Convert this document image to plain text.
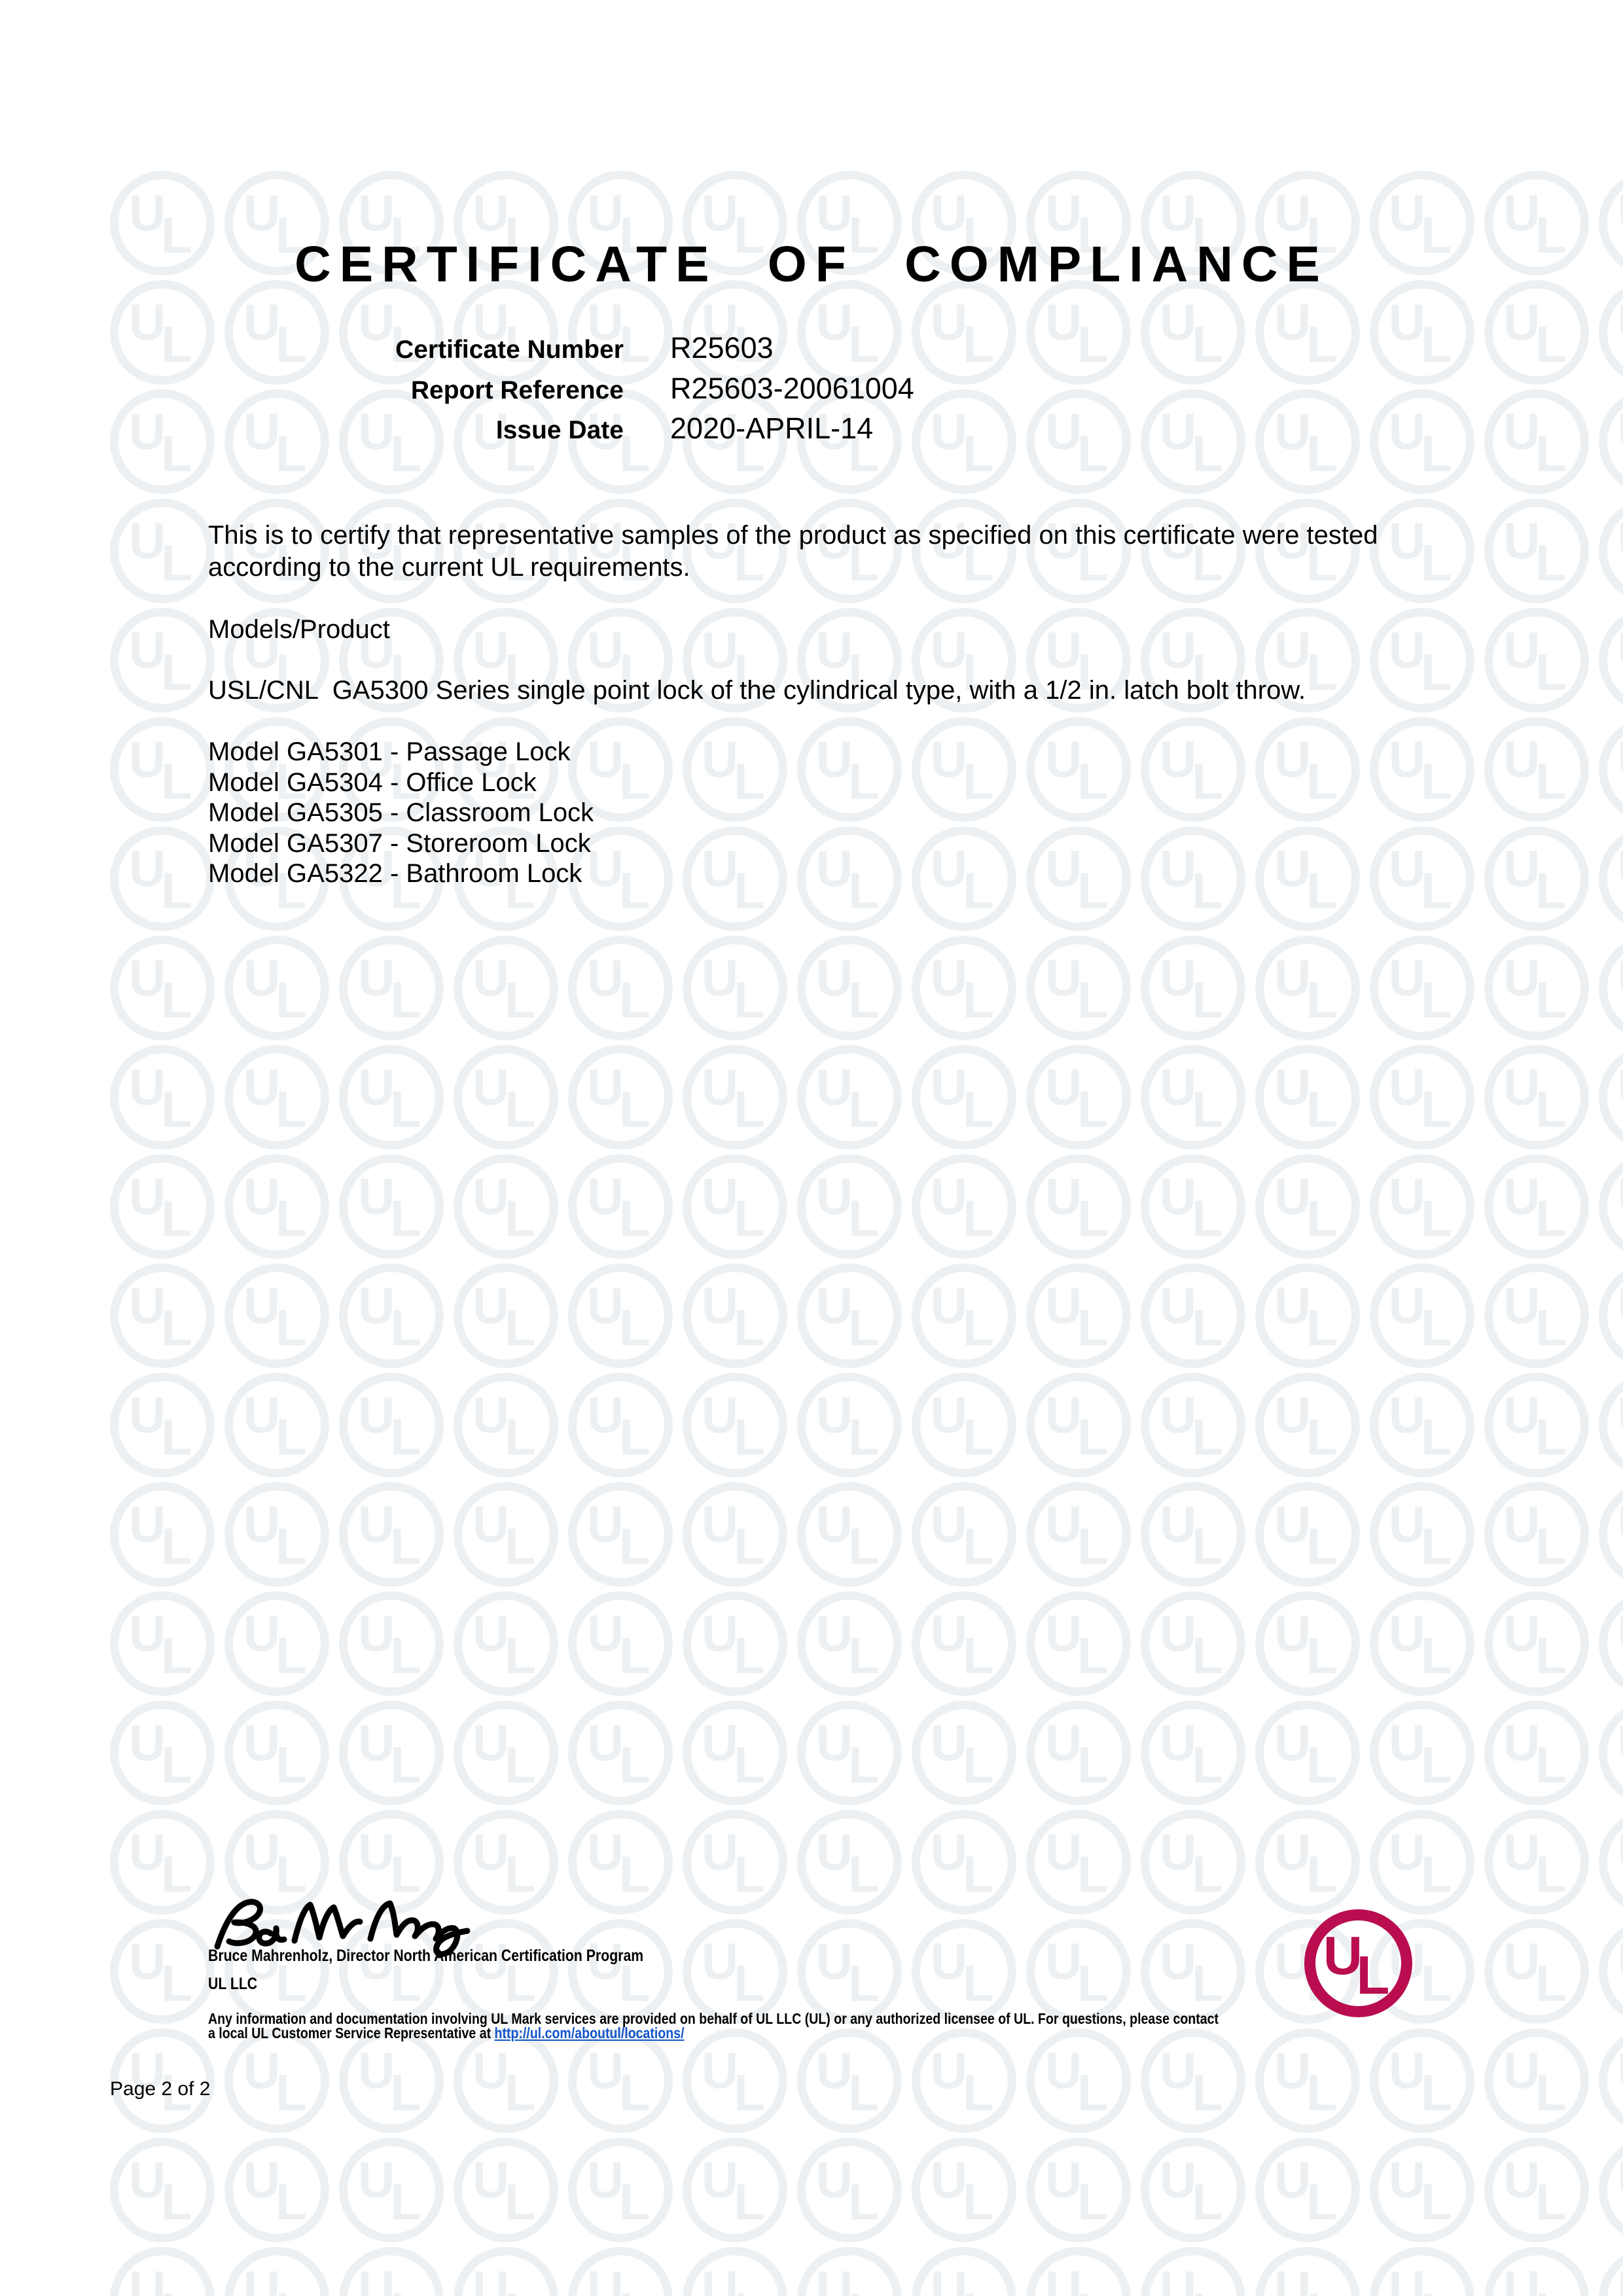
CERTIFICATE OF COMPLIANCE
Certificate Number R25603
Report Reference R25603-20061004
Issue Date 2020-APRIL-14
This is to certify that representative samples of the product as specified on this certificate were tested according to the current UL requirements.
Models/Product
USL/CNL  GA5300 Series single point lock of the cylindrical type, with a 1/2 in. latch bolt throw.
Model GA5301 - Passage Lock
Model GA5304 - Office Lock
Model GA5305 - Classroom Lock
Model GA5307 - Storeroom Lock
Model GA5322 - Bathroom Lock
Bruce Mahrenholz, Director North American Certification Program
UL LLC
Any information and documentation involving UL Mark services are provided on behalf of UL LLC (UL) or any authorized licensee of UL. For questions, please contact a local UL Customer Service Representative at http://ul.com/aboutul/locations/
U
L
Page 2 of 2
